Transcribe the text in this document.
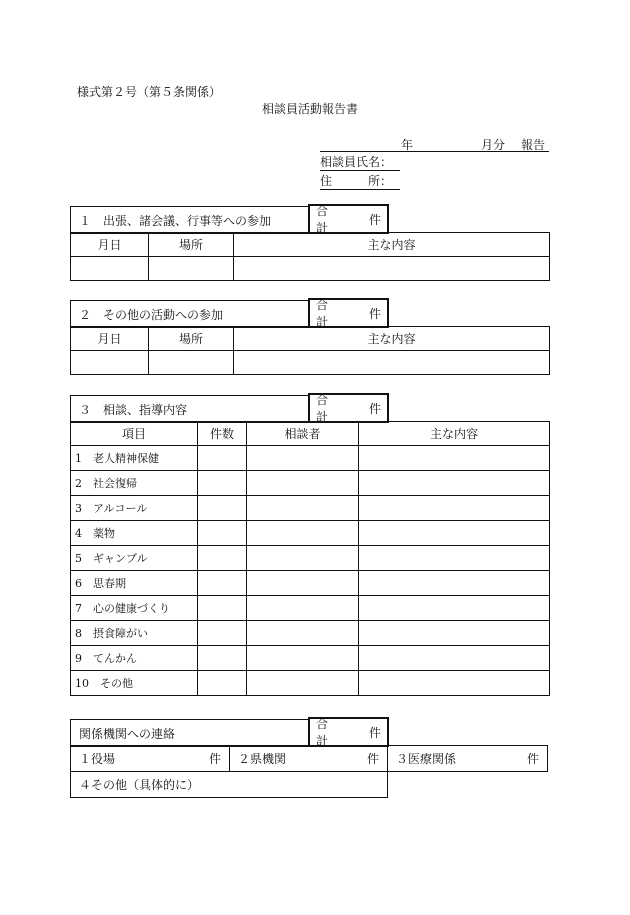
様式第２号（第５条関係）
相談員活動報告書
年	月分 報告
相談員氏名：
住　　　所：
１　出張、諸会議、行事等への参加
合計
件
月日	場所	主な内容

２　その他の活動への参加
合計
件
月日	場所	主な内容

３　相談、指導内容
合計
件
項目	件数	相談者	主な内容
1　老人精神保健			
2　社会復帰			
3　アルコール			
4　薬物			
5　ギャンブル			
6　思春期			
7　心の健康づくり			
8　摂食障がい			
9　てんかん			
10　その他			
関係機関への連絡
合計
件
１役場	件 ２県機関	件 ３医療関係	件
４その他（具体的に）
